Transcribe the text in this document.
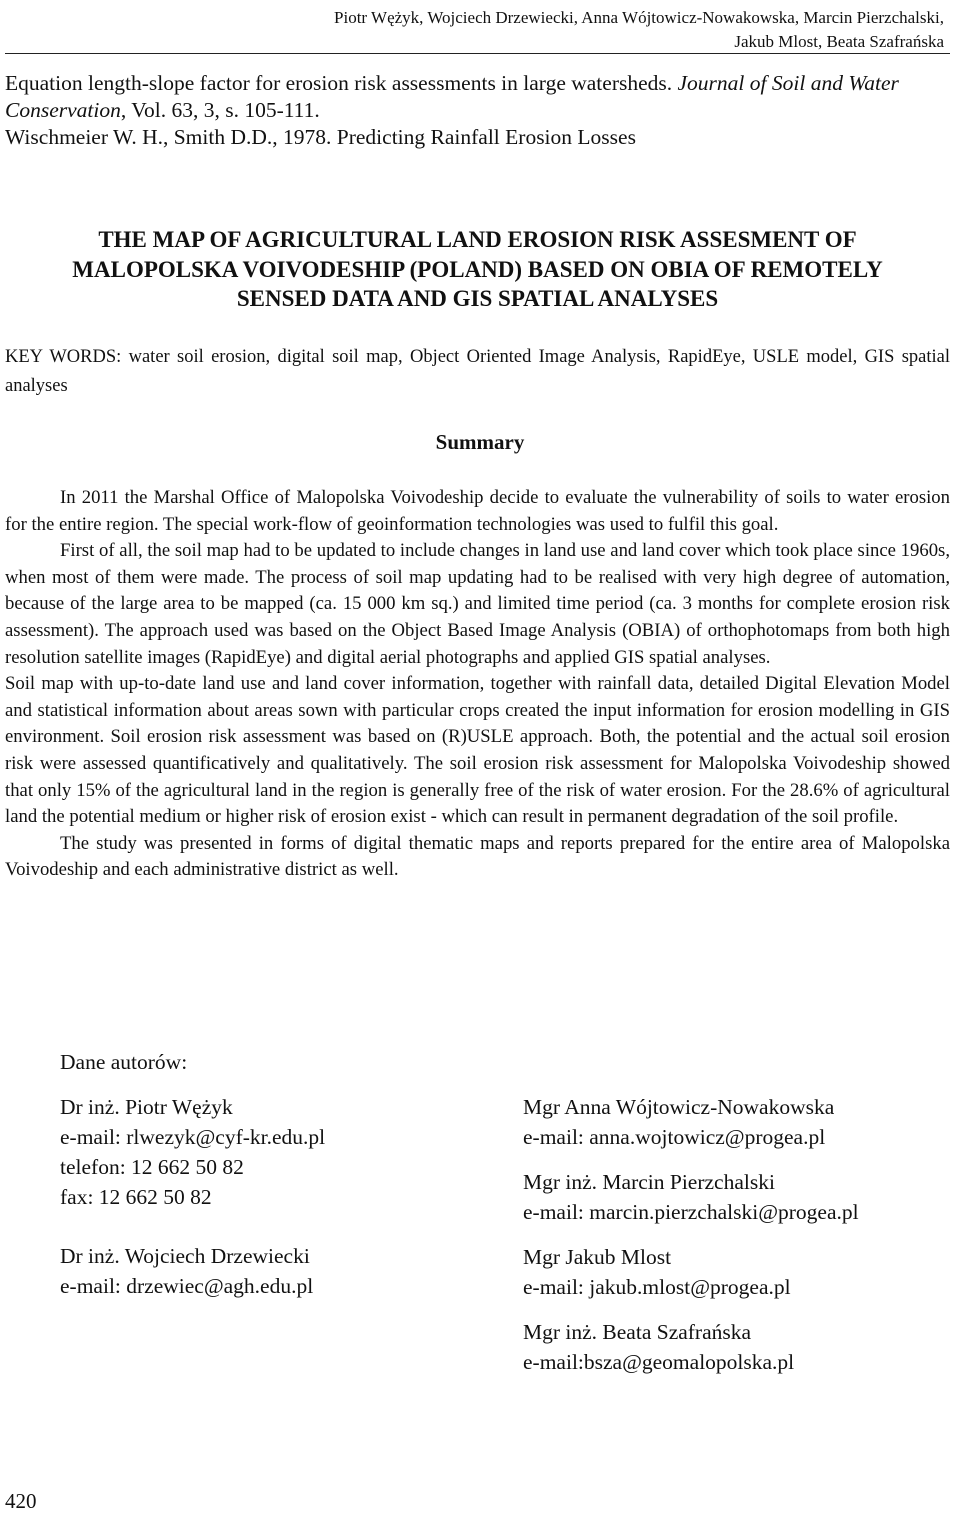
Piotr Wężyk, Wojciech Drzewiecki, Anna Wójtowicz-Nowakowska, Marcin Pierzchalski,
Jakub Mlost, Beata Szafrańska
Equation length-slope factor for erosion risk assessments in large watersheds. Journal of Soil and Water Conservation, Vol. 63, 3, s. 105-111.
Wischmeier W. H., Smith D.D., 1978. Predicting Rainfall Erosion Losses
THE MAP OF AGRICULTURAL LAND EROSION RISK ASSESMENT OF
MALOPOLSKA VOIVODESHIP (POLAND) BASED ON OBIA OF REMOTELY
SENSED DATA AND GIS SPATIAL ANALYSES
KEY WORDS: water soil erosion, digital soil map, Object Oriented Image Analysis, RapidEye, USLE model, GIS spatial analyses
Summary

In 2011 the Marshal Office of Malopolska Voivodeship decide to evaluate the vulnerability of soils to water erosion for the entire region. The special work-flow of geoinformation technologies was used to fulfil this goal.

First of all, the soil map had to be updated to include changes in land use and land cover which took place since 1960s, when most of them were made. The process of soil map updating had to be realised with very high degree of automation, because of the large area to be mapped (ca. 15 000 km sq.) and limited time period (ca. 3 months for complete erosion risk assessment). The approach used was based on the Object Based Image Analysis (OBIA) of orthophotomaps from both high resolution satellite images (RapidEye) and digital aerial photographs and applied GIS spatial analyses.

Soil map with up-to-date land use and land cover information, together with rainfall data, detailed Digital Elevation Model and statistical information about areas sown with particular crops created the input information for erosion modelling in GIS environment. Soil erosion risk assessment was based on (R)USLE approach. Both, the potential and the actual soil erosion risk were assessed quantificatively and qualitatively. The soil erosion risk assessment for Malopolska Voivodeship showed that only 15% of the agricultural land in the region is generally free of the risk of water erosion. For the 28.6% of agricultural land the potential medium or higher risk of erosion exist - which can result in permanent degradation of the soil profile.

The study was presented in forms of digital thematic maps and reports prepared for the entire area of Malopolska Voivodeship and each administrative district as well.

Dane autorów:
Dr inż. Piotr Wężyk
e-mail: rlwezyk@cyf-kr.edu.pl
telefon: 12 662 50 82
fax: 12 662 50 82
Dr inż. Wojciech Drzewiecki
e-mail: drzewiec@agh.edu.pl
Mgr Anna Wójtowicz-Nowakowska
e-mail: anna.wojtowicz@progea.pl
Mgr inż. Marcin Pierzchalski
e-mail: marcin.pierzchalski@progea.pl
Mgr Jakub Mlost
e-mail: jakub.mlost@progea.pl
Mgr inż. Beata Szafrańska
e-mail:bsza@geomalopolska.pl
420
